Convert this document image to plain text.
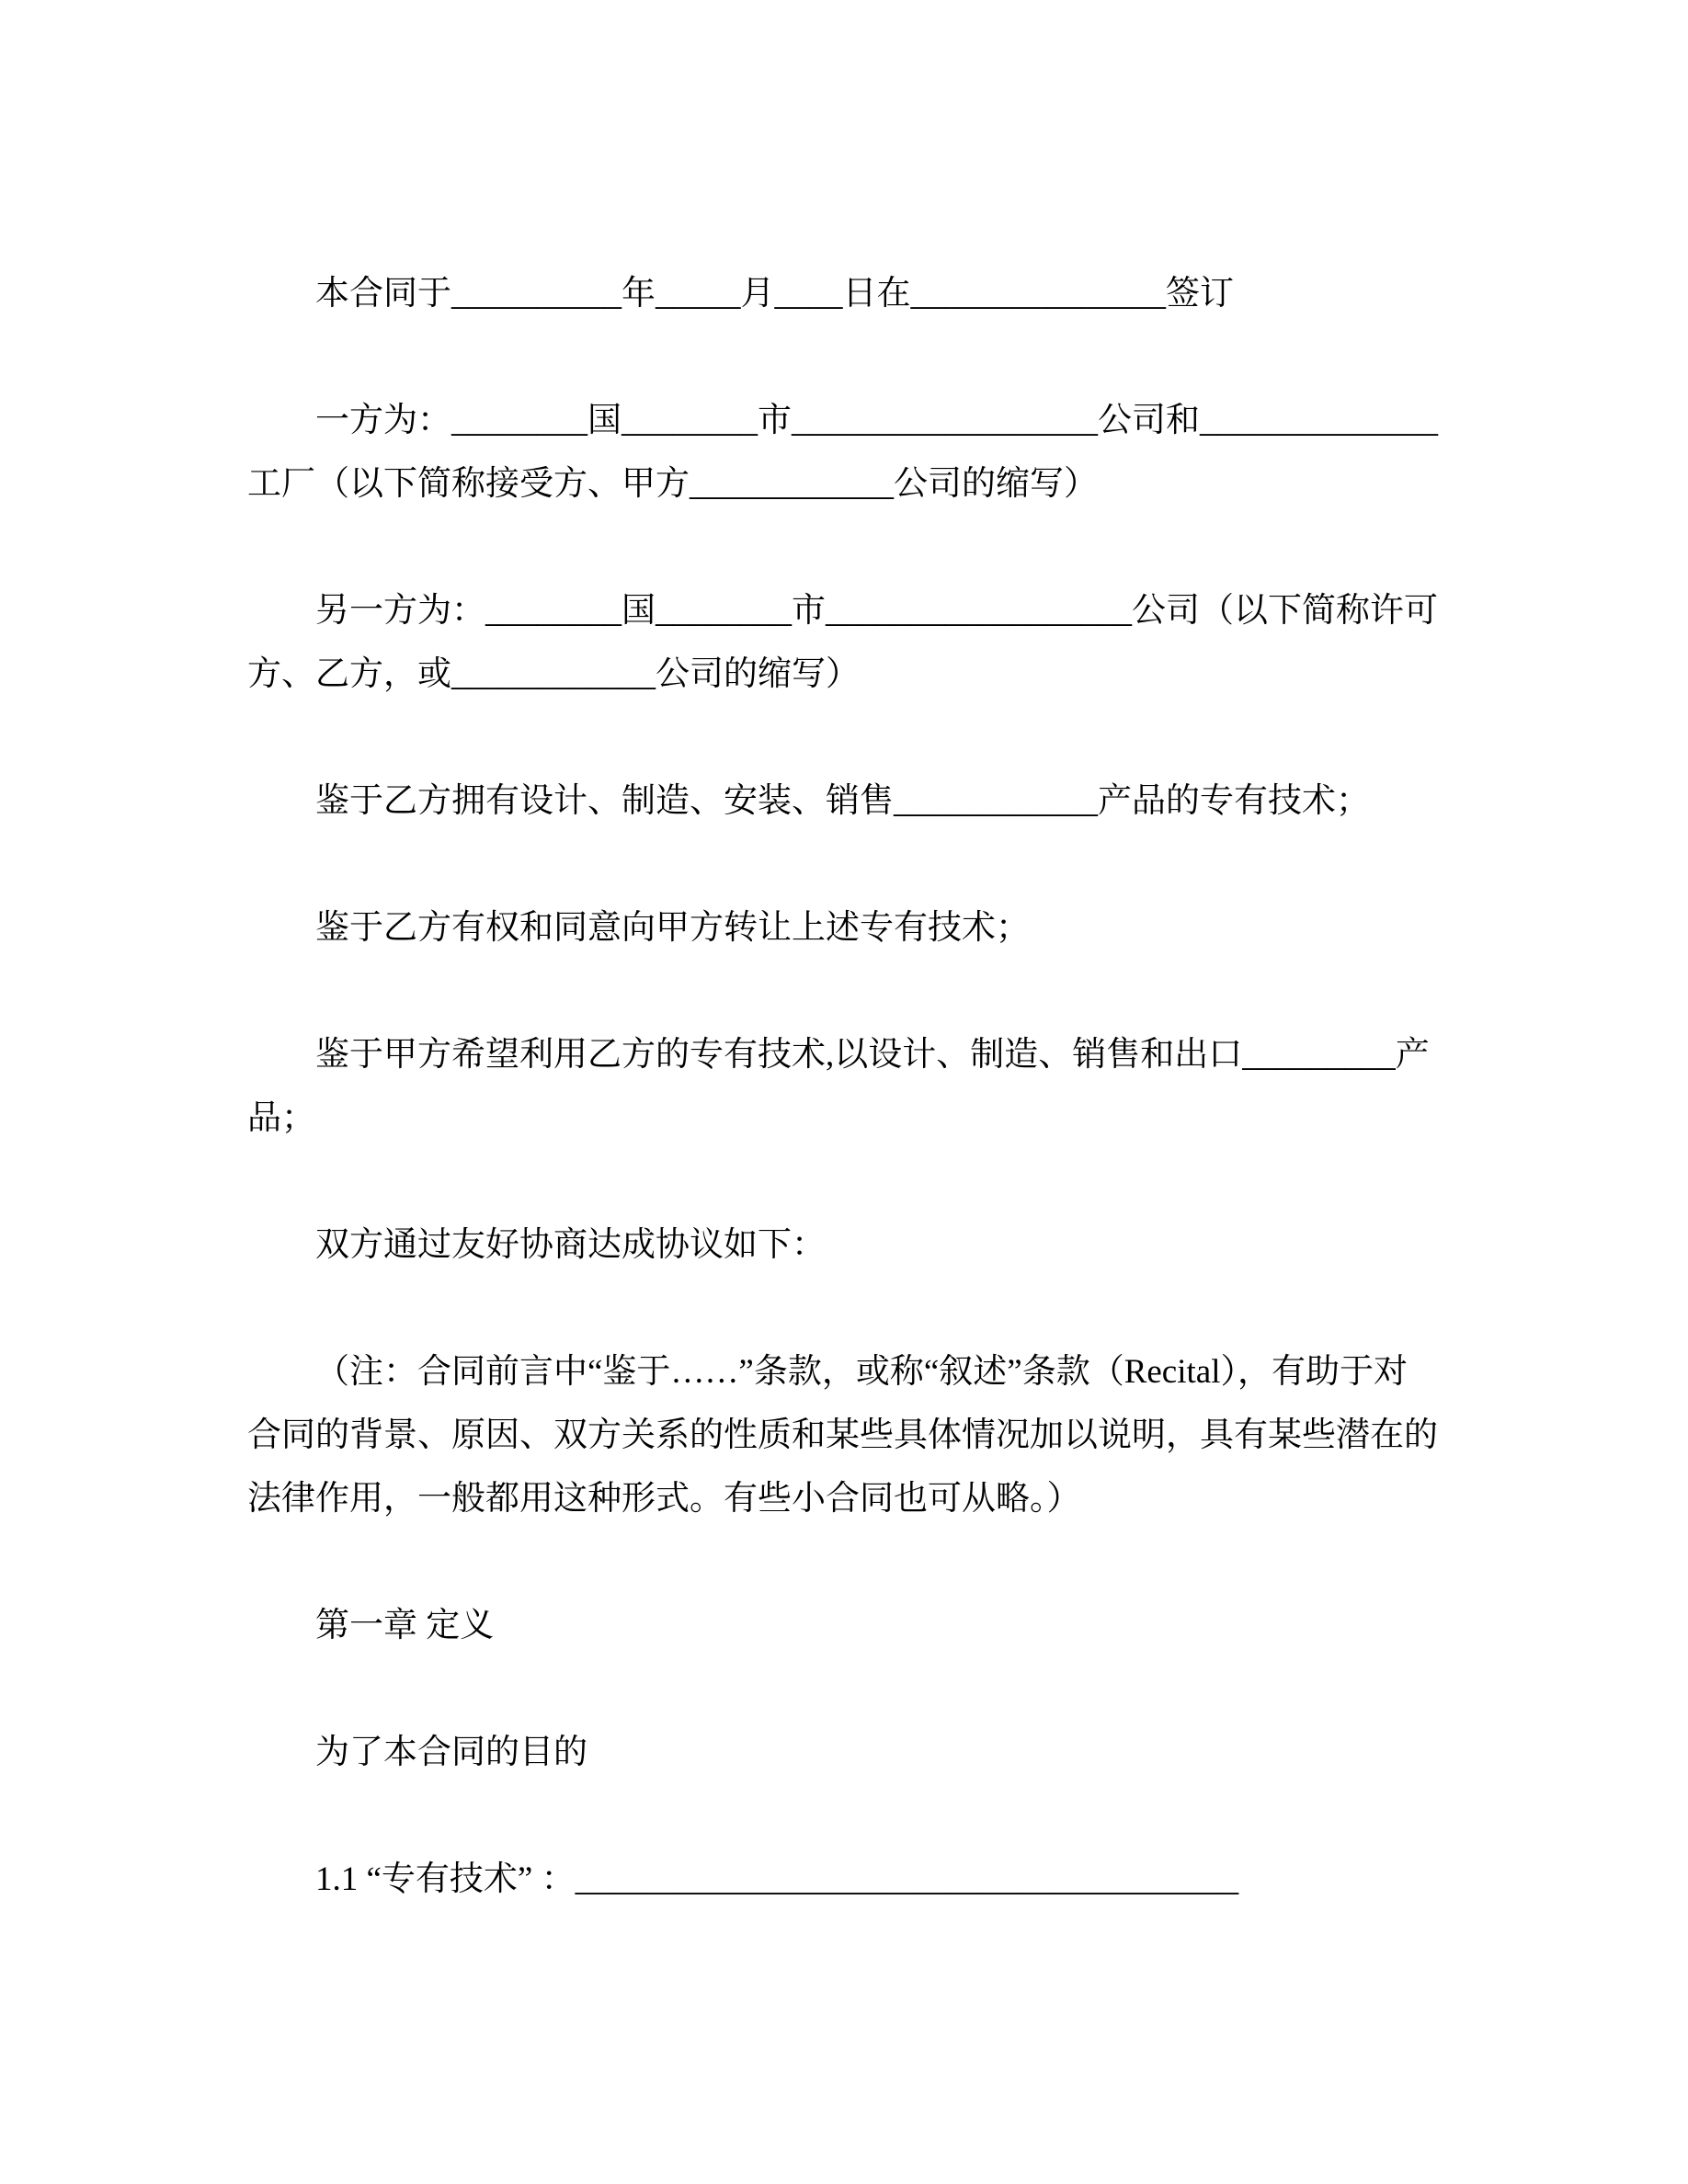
本合同于__________年_____月____日在_______________签订

一方为：________国________市__________________公司和______________工厂（以下简称接受方、甲方____________公司的缩写）

另一方为：________国________市__________________公司（以下简称许可方、乙方，或____________公司的缩写）

鉴于乙方拥有设计、制造、安装、销售____________产品的专有技术；

鉴于乙方有权和同意向甲方转让上述专有技术；

鉴于甲方希望利用乙方的专有技术,以设计、制造、销售和出口_________产品；

双方通过友好协商达成协议如下：

（注：合同前言中“鉴于……”条款，或称“叙述”条款（Recital），有助于对合同的背景、原因、双方关系的性质和某些具体情况加以说明，具有某些潜在的法律作用，一般都用这种形式。有些小合同也可从略。）

第一章 定义

为了本合同的目的

1.1 “专有技术” ：_______________________________________
